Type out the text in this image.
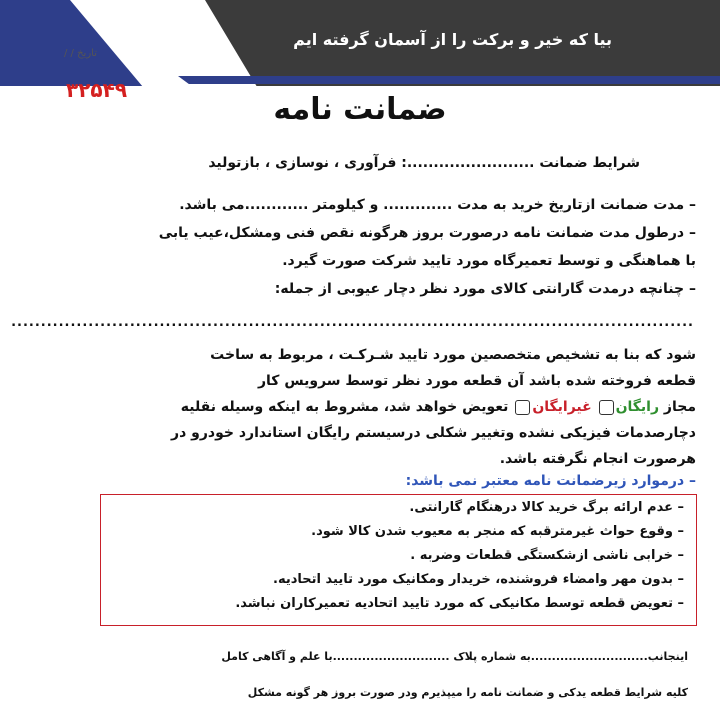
بیا که خیر و برکت را از آسمان گرفته ایم
تاریخ / /
۳۲۵۴۹
ضمانت نامه
شرایط ضمانت ........................: فرآوری ، نوسازی ، بازتولید
– مدت ضمانت ازتاریخ خرید به مدت ............. و کیلومتر ............می باشد.
– درطول مدت ضمانت نامه درصورت بروز هرگونه نقص فنی ومشکل،عیب یابی
با هماهنگی و توسط تعمیرگاه مورد تایید شرکت صورت گیرد.
– چنانچه درمدت گارانتی کالای مورد نظر دچار عیوبی از جمله:
...................................................................................................................
شود که بنا به تشخیص متخصصین مورد تایید شـرکـت ، مربوط به ساخت
قطعه فروخته شده باشد آن قطعه مورد نظر توسط سرویس کار
مجاز رایگان غیرایگان تعویض خواهد شد، مشروط به اینکه وسیله نقلیه
دچارصدمات فیزیکی نشده وتغییر شکلی درسیستم رایگان استاندارد خودرو در
هرصورت انجام نگرفته باشد.
– درموارد زیرضمانت نامه معتبر نمی باشد:
– عدم ارائه برگ خرید کالا درهنگام گارانتی.
– وقوع حواث غیرمترقبه که منجر به معیوب شدن کالا شود.
– خرابی ناشی ازشکستگی قطعات وضربه .
– بدون مهر وامضاء فروشنده، خریدار ومکانیک مورد تایید اتحادیه.
– تعویض قطعه توسط مکانیکی که مورد تایید اتحادیه تعمیرکاران نباشد.
اینجانب............................به شماره پلاک ............................با علم و آگاهی کامل
کلیه شرایط قطعه یدکی و ضمانت نامه را میپذیرم ودر صورت بروز هر گونه مشکل
